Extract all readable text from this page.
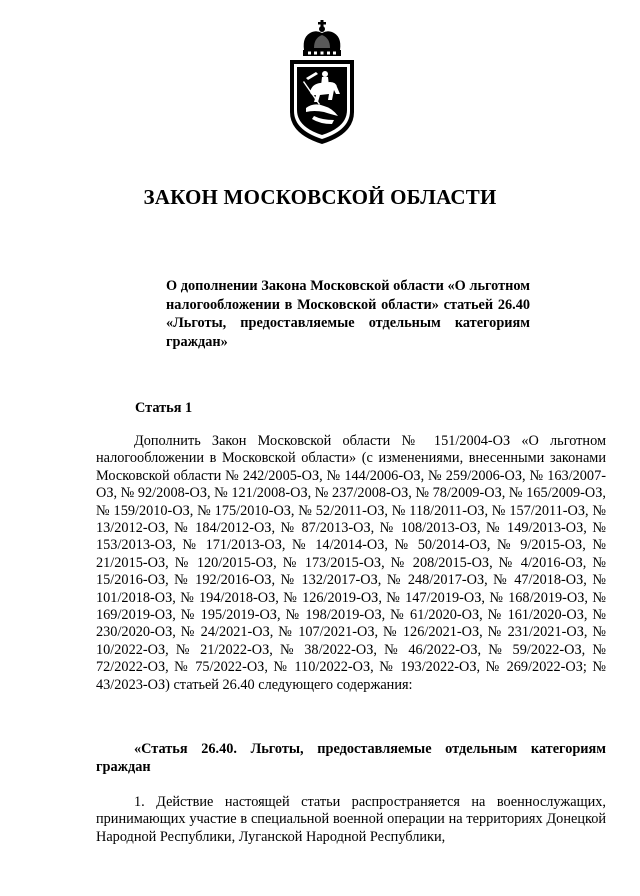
ЗАКОН МОСКОВСКОЙ ОБЛАСТИ

О дополнении Закона Московской области «О льготном налогообложении в Московской области» статьей 26.40 «Льготы, предоставляемые отдельным категориям граждан»

Статья 1

Дополнить Закон Московской области № 151/2004-ОЗ «О льготном налогообложении в Московской области» (с изменениями, внесенными законами Московской области № 242/2005-ОЗ, № 144/2006-ОЗ, № 259/2006-ОЗ, № 163/2007-ОЗ, № 92/2008-ОЗ, № 121/2008-ОЗ, № 237/2008-ОЗ, № 78/2009-ОЗ, № 165/2009-ОЗ, № 159/2010-ОЗ, № 175/2010-ОЗ, № 52/2011-ОЗ, № 118/2011-ОЗ, № 157/2011-ОЗ, № 13/2012-ОЗ, № 184/2012-ОЗ, № 87/2013-ОЗ, № 108/2013-ОЗ, № 149/2013-ОЗ, № 153/2013-ОЗ, № 171/2013-ОЗ, № 14/2014-ОЗ, № 50/2014-ОЗ, № 9/2015-ОЗ, № 21/2015-ОЗ, № 120/2015-ОЗ, № 173/2015-ОЗ, № 208/2015-ОЗ, № 4/2016-ОЗ, № 15/2016-ОЗ, № 192/2016-ОЗ, № 132/2017-ОЗ, № 248/2017-ОЗ, № 47/2018-ОЗ, № 101/2018-ОЗ, № 194/2018-ОЗ, № 126/2019-ОЗ, № 147/2019-ОЗ, № 168/2019-ОЗ, № 169/2019-ОЗ, № 195/2019-ОЗ, № 198/2019-ОЗ, № 61/2020-ОЗ, № 161/2020-ОЗ, № 230/2020-ОЗ, № 24/2021-ОЗ, № 107/2021-ОЗ, № 126/2021-ОЗ, № 231/2021-ОЗ, № 10/2022-ОЗ, № 21/2022-ОЗ, № 38/2022-ОЗ, № 46/2022-ОЗ, № 59/2022-ОЗ, № 72/2022-ОЗ, № 75/2022-ОЗ, № 110/2022-ОЗ, № 193/2022-ОЗ, № 269/2022-ОЗ; № 43/2023-ОЗ) статьей 26.40 следующего содержания:

«Статья 26.40. Льготы, предоставляемые отдельным категориям граждан

1. Действие настоящей статьи распространяется на военнослужащих, принимающих участие в специальной военной операции на территориях Донецкой Народной Республики, Луганской Народной Республики,
